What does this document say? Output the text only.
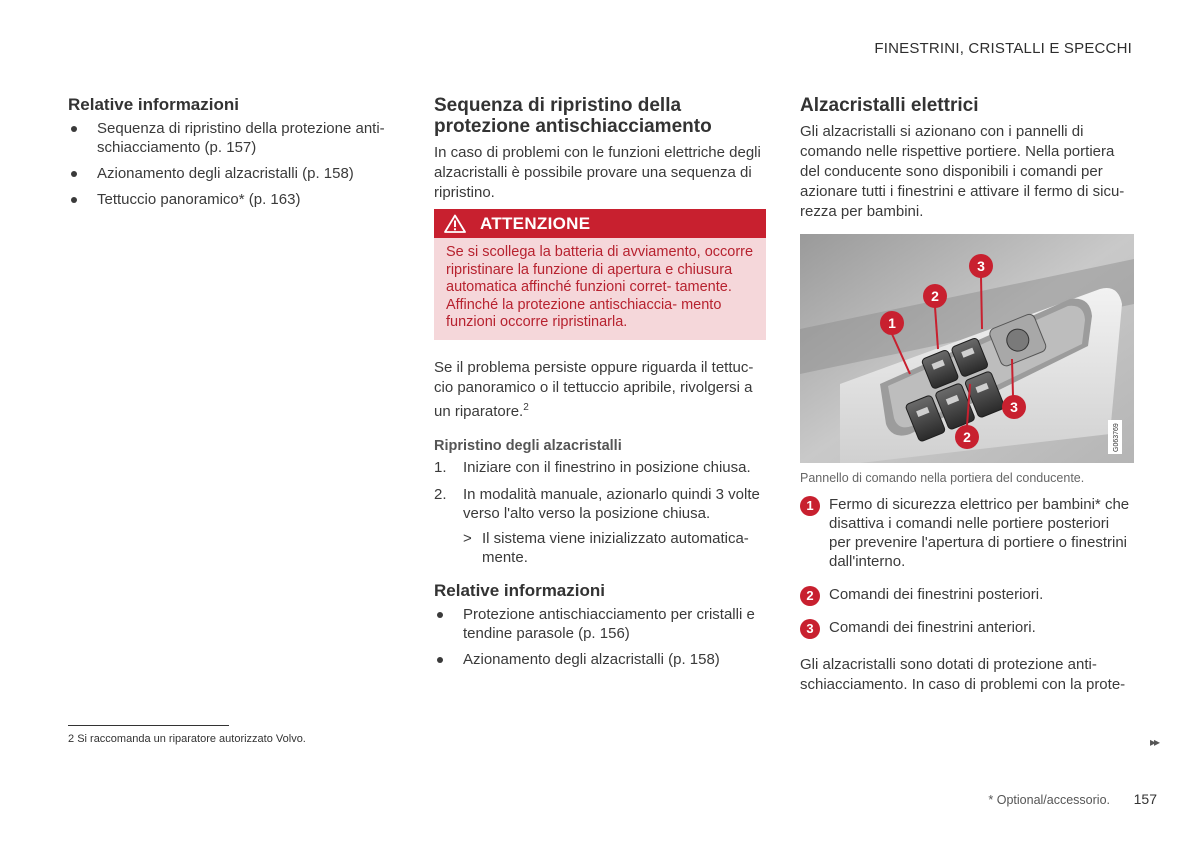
FINESTRINI, CRISTALLI E SPECCHI
Relative informazioni
Sequenza di ripristino della protezione anti- schiacciamento (p. 157)
Azionamento degli alzacristalli (p. 158)
Tettuccio panoramico* (p. 163)
Sequenza di ripristino della protezione antischiacciamento

In caso di problemi con le funzioni elettriche degli alzacristalli è possibile provare una sequenza di ripristino.

ATTENZIONE
Se si scollega la batteria di avviamento, occorre ripristinare la funzione di apertura e chiusura automatica affinché funzioni corret- tamente. Affinché la protezione antischiaccia- mento funzioni occorre ripristinarla.

Se il problema persiste oppure riguarda il tettuc- cio panoramico o il tettuccio apribile, rivolgersi a un riparatore.$^2$

Ripristino degli alzacristalli
1. Iniziare con il finestrino in posizione chiusa.
2. In modalità manuale, azionarlo quindi 3 volte verso l'alto verso la posizione chiusa.
> Il sistema viene inizializzato automatica- mente.
Relative informazioni
Protezione antischiacciamento per cristalli e tendine parasole (p. 156)
Azionamento degli alzacristalli (p. 158)
Alzacristalli elettrici

Gli alzacristalli si azionano con i pannelli di comando nelle rispettive portiere. Nella portiera del conducente sono disponibili i comandi per azionare tutti i finestrini e attivare il fermo di sicu- rezza per bambini.

1
2
3
3
2	G063769
Pannello di comando nella portiera del conducente.
1	Fermo di sicurezza elettrico per bambini* che disattiva i comandi nelle portiere posteriori per prevenire l'apertura di portiere o finestrini dall'interno.
2	Comandi dei finestrini posteriori.
3	Comandi dei finestrini anteriori.

Gli alzacristalli sono dotati di protezione anti- schiacciamento. In caso di problemi con la prote-

2 Si raccomanda un riparatore autorizzato Volvo.	▸▸
* Optional/accessorio. 157
